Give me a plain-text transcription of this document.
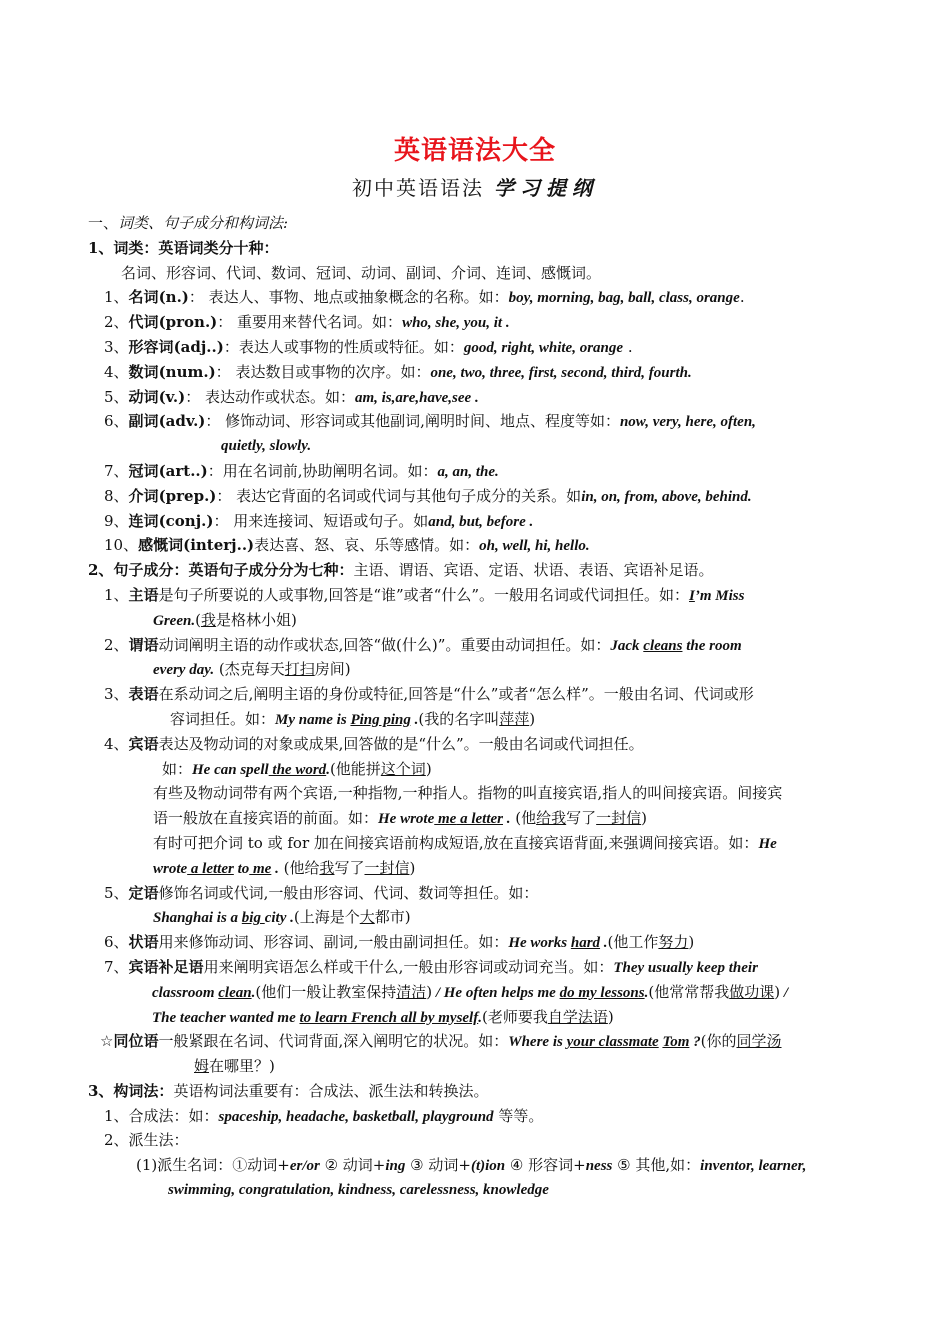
英语语法大全
初中英语语法 学习提纲
一、词类、句子成分和构词法:
1、词类：英语词类分十种：
名词、形容词、代词、数词、冠词、动词、副词、介词、连词、感慨词。
1、名词(n.)： 表达人、事物、地点或抽象概念的名称。如：boy, morning, bag, ball, class, orange.
2、代词(pron.)： 重要用来替代名词。如：who, she, you, it .
3、形容词(adj..)：表达人或事物的性质或特征。如：good, right, white, orange .
4、数词(num.)： 表达数目或事物的次序。如：one, two, three, first, second, third, fourth.
5、动词(v.)： 表达动作或状态。如：am, is,are,have,see .
6、副词(adv.)： 修饰动词、形容词或其他副词,阐明时间、地点、程度等如：now, very, here, often,
quietly, slowly.
7、冠词(art..)：用在名词前,协助阐明名词。如：a, an, the.
8、介词(prep.)： 表达它背面的名词或代词与其他句子成分的关系。如in, on, from, above, behind.
9、连词(conj.)： 用来连接词、短语或句子。如and, but, before .
10、感慨词(interj..)表达喜、怒、哀、乐等感情。如：oh, well, hi, hello.
2、句子成分：英语句子成分分为七种：主语、谓语、宾语、定语、状语、表语、宾语补足语。
1、主语是句子所要说的人或事物,回答是“谁”或者“什么”。一般用名词或代词担任。如：I’m Miss
Green.(我是格林小姐)
2、谓语动词阐明主语的动作或状态,回答“做(什么)”。重要由动词担任。如：Jack cleans the room
every day. (杰克每天打扫房间)
3、表语在系动词之后,阐明主语的身份或特征,回答是“什么”或者“怎么样”。一般由名词、代词或形
容词担任。如：My name is Ping ping .(我的名字叫萍萍)
4、宾语表达及物动词的对象或成果,回答做的是“什么”。一般由名词或代词担任。
如：He can spell the word.(他能拼这个词)
有些及物动词带有两个宾语,一种指物,一种指人。指物的叫直接宾语,指人的叫间接宾语。间接宾
语一般放在直接宾语的前面。如：He wrote me a letter . (他给我写了一封信)
有时可把介词 to 或 for 加在间接宾语前构成短语,放在直接宾语背面,来强调间接宾语。如：He
wrote a letter to me . (他给我写了一封信)
5、定语修饰名词或代词,一般由形容词、代词、数词等担任。如：
Shanghai is a big city .(上海是个大都市)
6、状语用来修饰动词、形容词、副词,一般由副词担任。如：He works hard .(他工作努力)
7、宾语补足语用来阐明宾语怎么样或干什么,一般由形容词或动词充当。如：They usually keep their
classroom clean.(他们一般让教室保持清洁) / He often helps me do my lessons.(他常常帮我做功课) /
The teacher wanted me to learn French all by myself.(老师要我自学法语)
☆同位语一般紧跟在名词、代词背面,深入阐明它的状况。如：Where is your classmate Tom ?(你的同学汤
姆在哪里？)
3、构词法：英语构词法重要有：合成法、派生法和转换法。
1、合成法：如：spaceship, headache, basketball, playground 等等。
2、派生法：
(1)派生名词：①动词+er/or ② 动词+ing ③ 动词+(t)ion ④ 形容词+ness ⑤ 其他,如：inventor, learner,
swimming, congratulation, kindness, carelessness, knowledge
